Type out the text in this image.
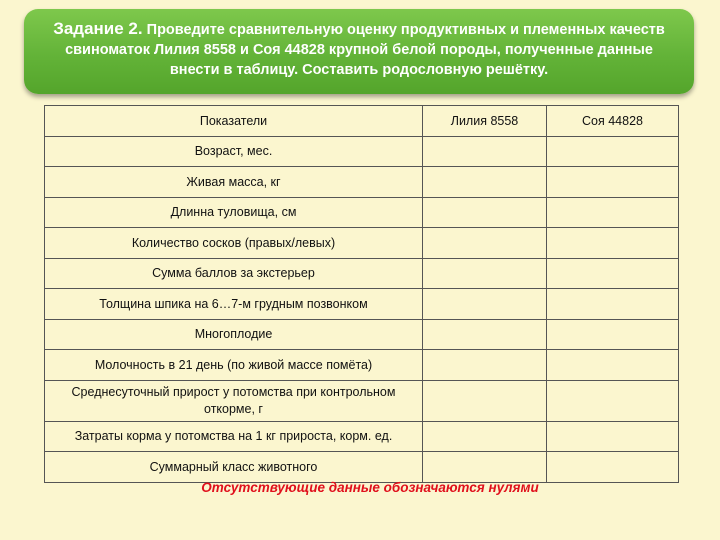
Задание 2. Проведите сравнительную оценку продуктивных и племенных качеств свиноматок Лилия 8558 и Соя 44828 крупной белой породы, полученные данные внести в таблицу. Составить родословную решётку.
Показатели	Лилия 8558	Соя 44828
Возраст, мес.		
Живая масса, кг		
Длинна туловища, см		
Количество сосков (правых/левых)		
Сумма баллов за экстерьер		
Толщина шпика на 6…7-м грудным позвонком		
Многоплодие		
Молочность в 21 день (по живой массе помёта)		
Среднесуточный прирост у потомства при контрольном откорме, г		
Затраты корма у потомства на 1 кг прироста, корм. ед.		
Суммарный класс животного		
Отсутствующие данные обозначаются нулями
